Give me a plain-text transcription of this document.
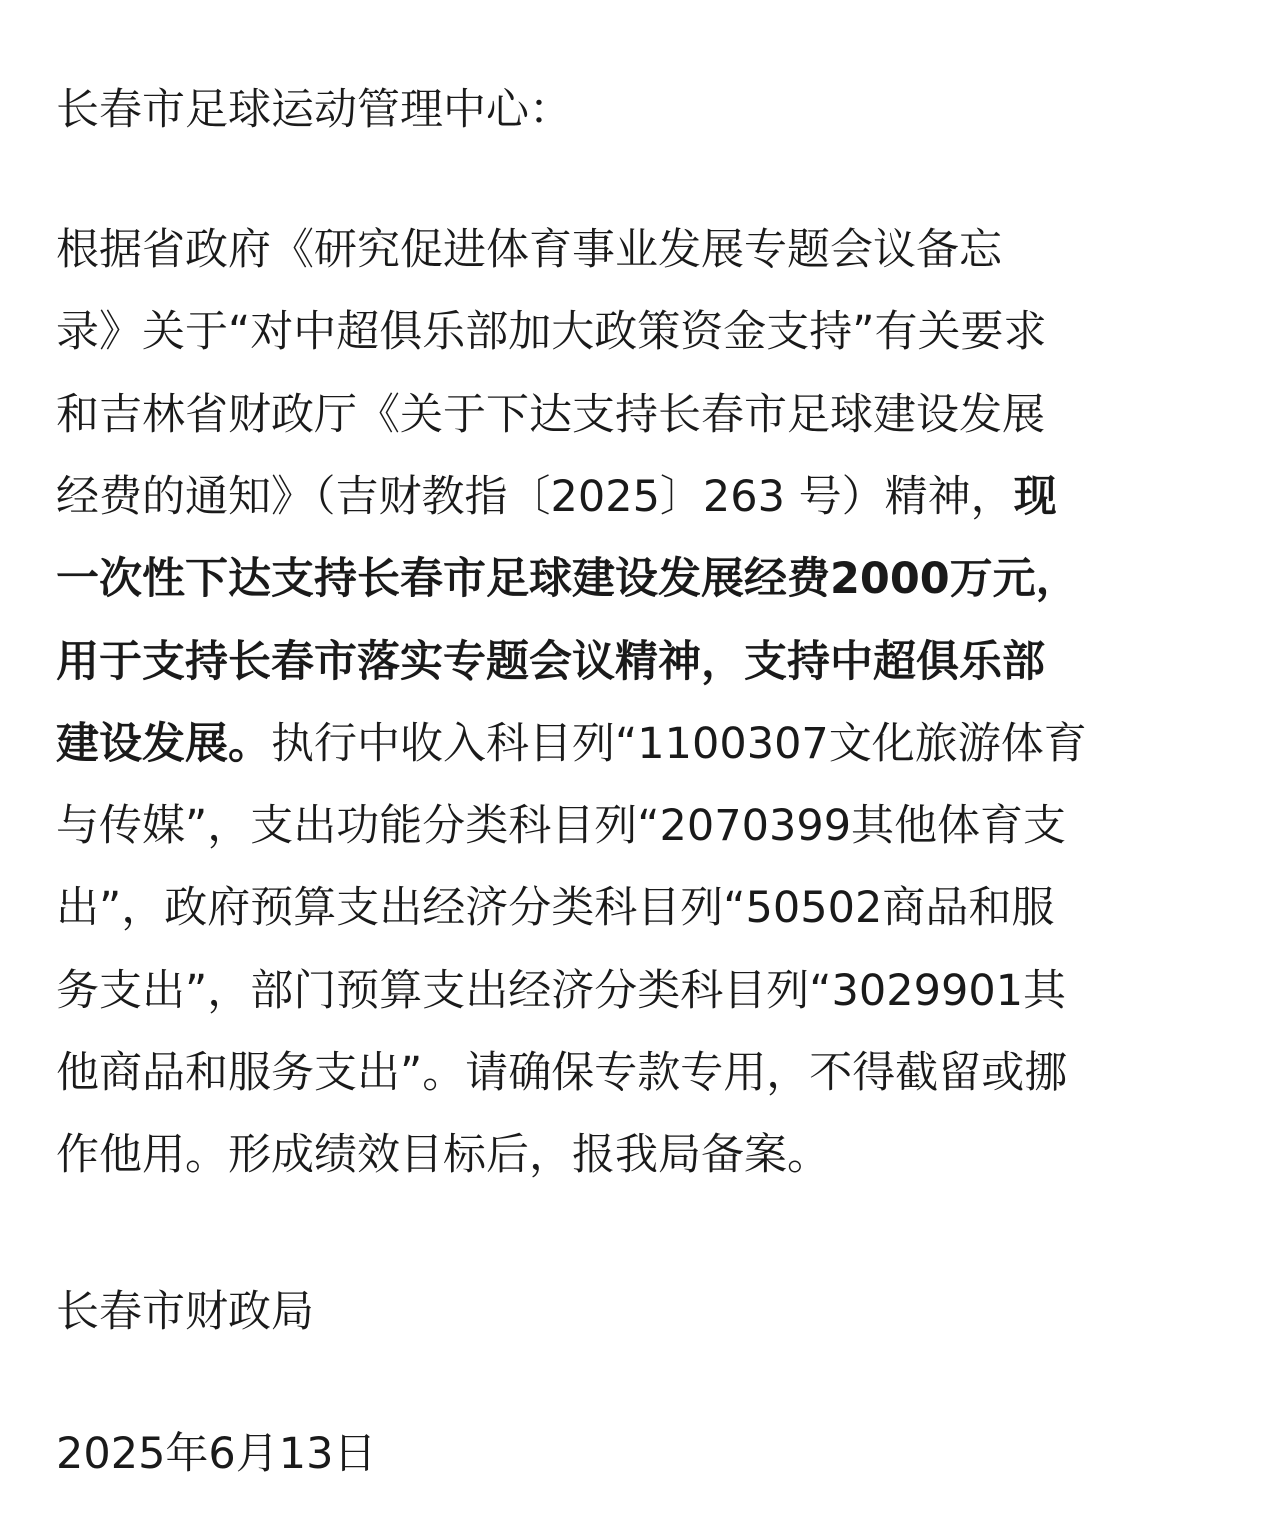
长春市足球运动管理中心：
根据省政府《研究促进体育事业发展专题会议备忘
录》关于“对中超俱乐部加大政策资金支持”有关要求
和吉林省财政厅《关于下达支持长春市足球建设发展
经费的通知》（吉财教指〔2025〕263 号）精神，现
一次性下达支持长春市足球建设发展经费2000万元，
用于支持长春市落实专题会议精神，支持中超俱乐部
建设发展。执行中收入科目列“1100307文化旅游体育
与传媒”，支出功能分类科目列“2070399其他体育支
出”，政府预算支出经济分类科目列“50502商品和服
务支出”，部门预算支出经济分类科目列“3029901其
他商品和服务支出”。请确保专款专用，不得截留或挪
作他用。形成绩效目标后，报我局备案。
长春市财政局
2025年6月13日
